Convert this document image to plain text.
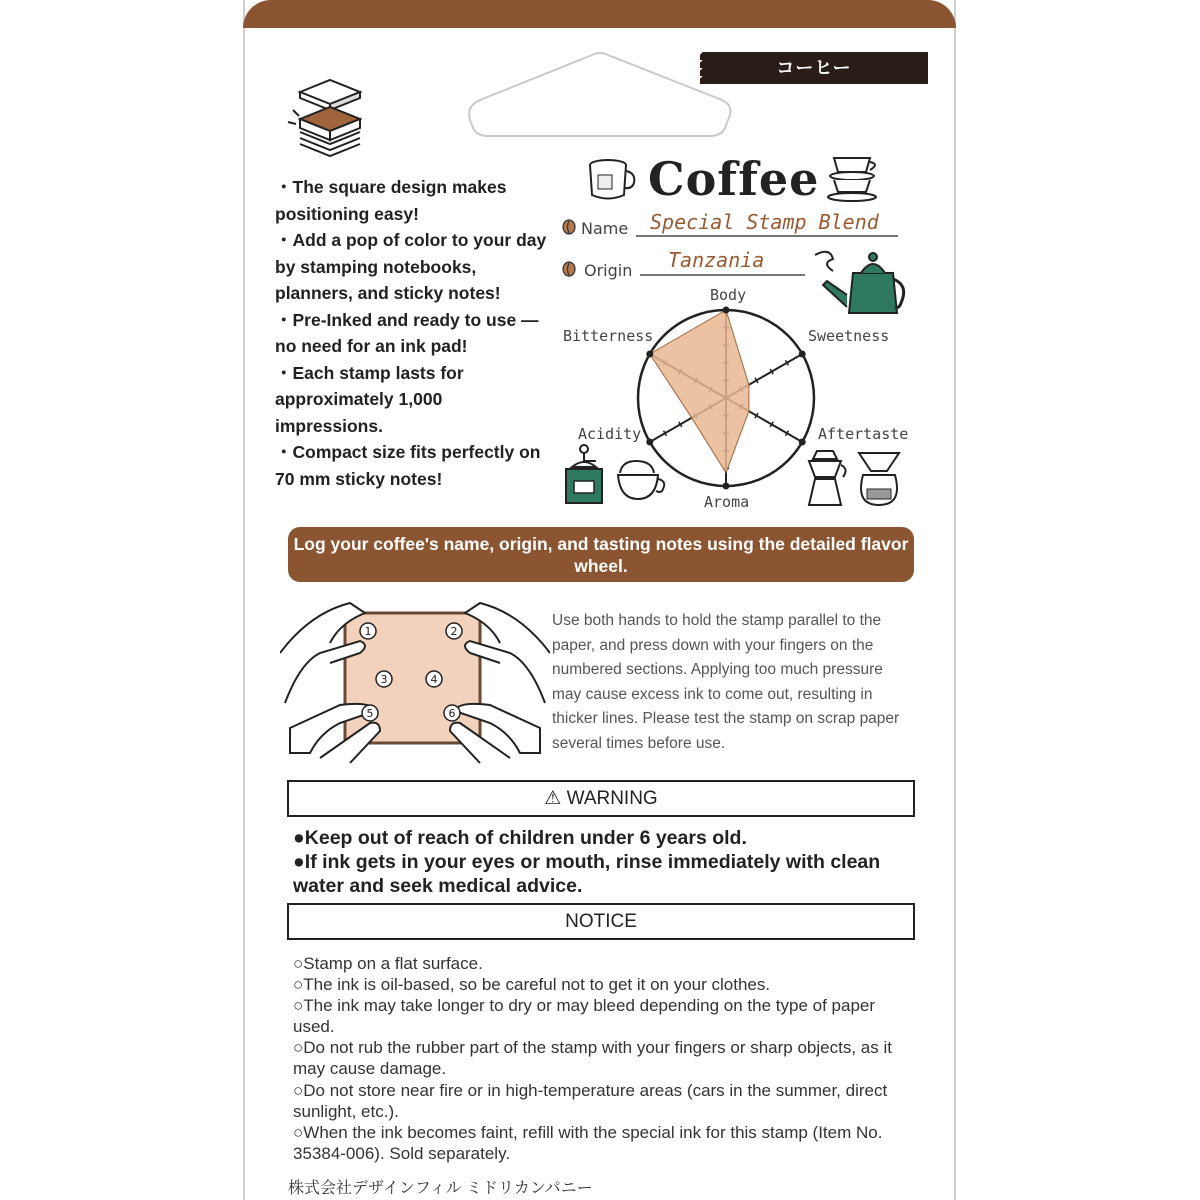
コーヒー

・The square design makes positioning easy!

・Add a pop of color to your day by stamping notebooks, planners, and sticky notes!

・Pre-Inked and ready to use —no need for an ink pad!

・Each stamp lasts for approximately 1,000 impressions.

・Compact size fits perfectly on 70 mm sticky notes!

Coffee
Name Special Stamp Blend
Origin Tanzania
Body
Sweetness
Aftertaste
Aroma
Acidity
Bitterness
Log your coffee's name, origin, and tasting notes using the detailed flavor wheel.
1	2
3	4
5	6
Use both hands to hold the stamp parallel to the paper, and press down with your fingers on the numbered sections. Applying too much pressure may cause excess ink to come out, resulting in thicker lines. Please test the stamp on scrap paper several times before use.
⚠ WARNING

●Keep out of reach of children under 6 years old.

●If ink gets in your eyes or mouth, rinse immediately with clean water and seek medical advice.

NOTICE

○Stamp on a flat surface.

○The ink is oil-based, so be careful not to get it on your clothes.

○The ink may take longer to dry or may bleed depending on the type of paper used.

○Do not rub the rubber part of the stamp with your fingers or sharp objects, as it may cause damage.

○Do not store near fire or in high-temperature areas (cars in the summer, direct sunlight, etc.).

○When the ink becomes faint, refill with the special ink for this stamp (Item No. 35384-006). Sold separately.

株式会社デザインフィル ミドリカンパニー
